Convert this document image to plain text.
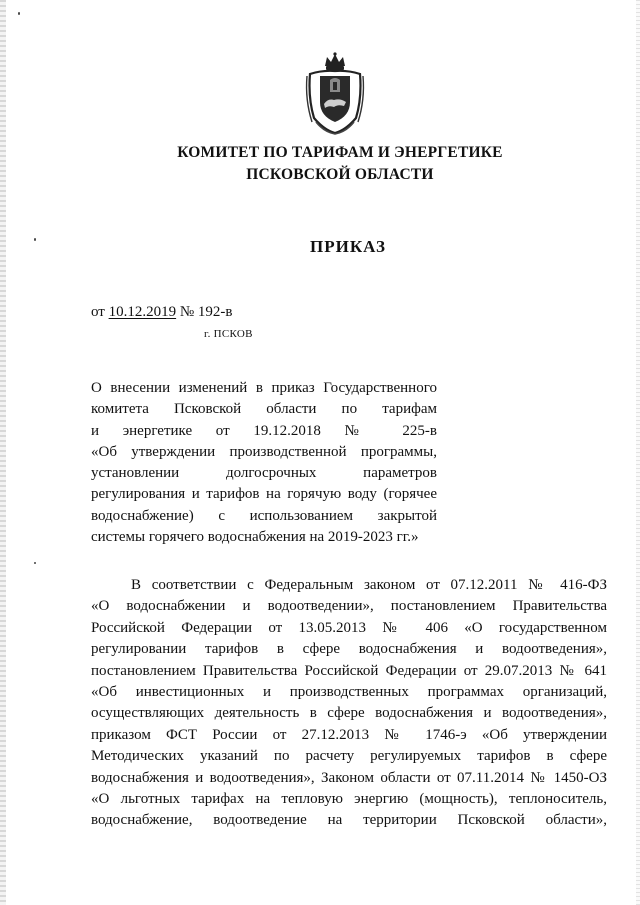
КОМИТЕТ ПО ТАРИФАМ И ЭНЕРГЕТИКЕ
ПСКОВСКОЙ ОБЛАСТИ
ПРИКАЗ
от 10.12.2019 № 192-в
г. ПСКОВ
О внесении изменений в приказ Государственного
комитета Псковской области по тарифам
и энергетике от 19.12.2018 № 225-в
«Об утверждении производственной программы,
установлении долгосрочных параметров
регулирования и тарифов на горячую воду (горячее
водоснабжение) с использованием закрытой
системы горячего водоснабжения на 2019-2023 гг.»
В соответствии с Федеральным законом от 07.12.2011 № 416-ФЗ
«О водоснабжении и водоотведении», постановлением Правительства
Российской Федерации от 13.05.2013 № 406 «О государственном
регулировании тарифов в сфере водоснабжения и водоотведения»,
постановлением Правительства Российской Федерации от 29.07.2013 № 641
«Об инвестиционных и производственных программах организаций,
осуществляющих деятельность в сфере водоснабжения и водоотведения»,
приказом ФСТ России от 27.12.2013 № 1746-э «Об утверждении
Методических указаний по расчету регулируемых тарифов в сфере
водоснабжения и водоотведения», Законом области от 07.11.2014 № 1450-ОЗ
«О льготных тарифах на тепловую энергию (мощность), теплоноситель,
водоснабжение, водоотведение на территории Псковской области»,
